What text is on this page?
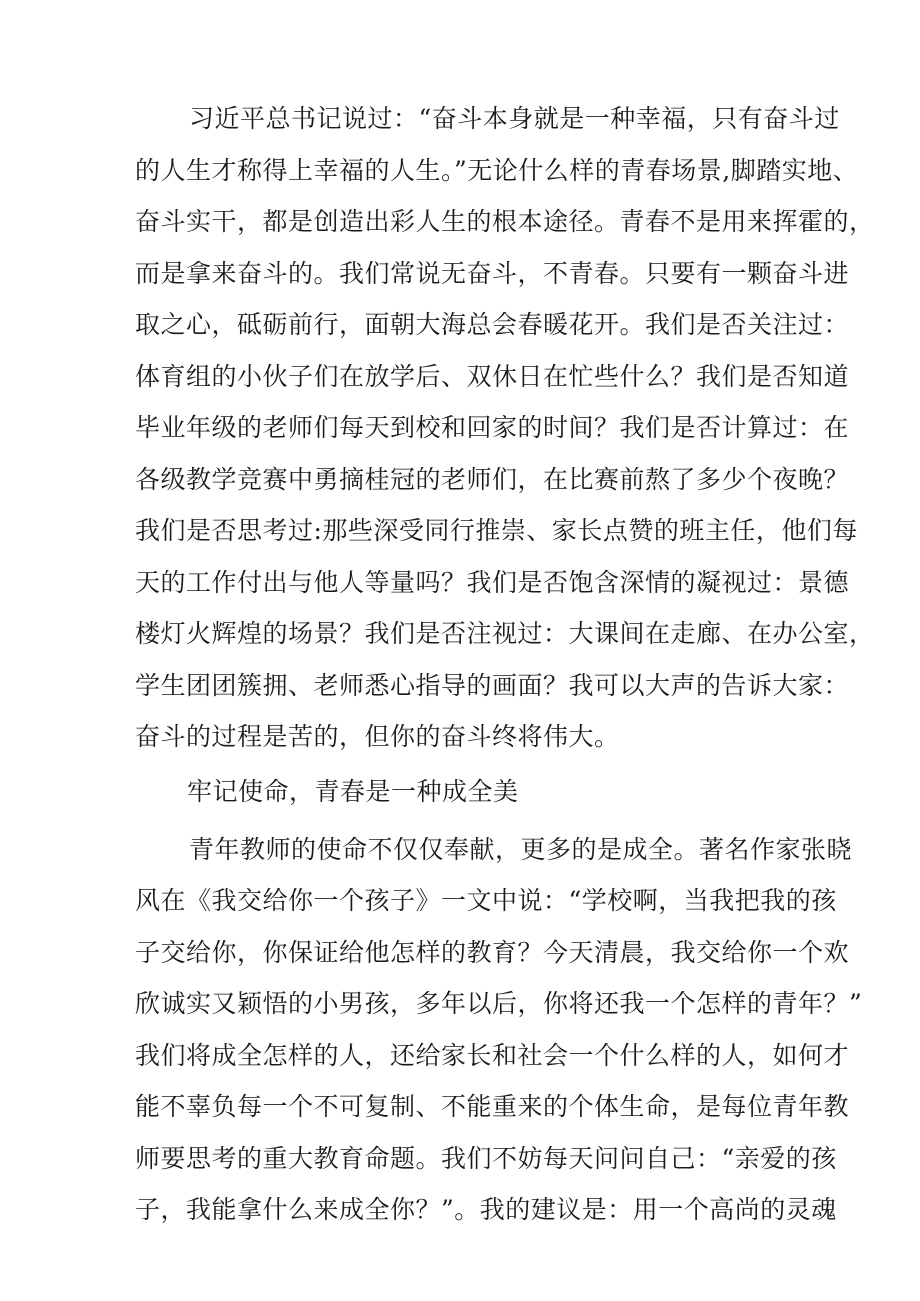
习近平总书记说过：“奋斗本身就是一种幸福，只有奋斗过
的人生才称得上幸福的人生。”无论什么样的青春场景,脚踏实地、
奋斗实干，都是创造出彩人生的根本途径。青春不是用来挥霍的，
而是拿来奋斗的。我们常说无奋斗，不青春。只要有一颗奋斗进
取之心，砥砺前行，面朝大海总会春暖花开。我们是否关注过：
体育组的小伙子们在放学后、双休日在忙些什么？我们是否知道
毕业年级的老师们每天到校和回家的时间？我们是否计算过：在
各级教学竞赛中勇摘桂冠的老师们，在比赛前熬了多少个夜晚？
我们是否思考过:那些深受同行推崇、家长点赞的班主任，他们每
天的工作付出与他人等量吗？我们是否饱含深情的凝视过：景德
楼灯火辉煌的场景？我们是否注视过：大课间在走廊、在办公室，
学生团团簇拥、老师悉心指导的画面？我可以大声的告诉大家：
奋斗的过程是苦的，但你的奋斗终将伟大。
牢记使命，青春是一种成全美
青年教师的使命不仅仅奉献，更多的是成全。著名作家张晓
风在《我交给你一个孩子》一文中说：“学校啊，当我把我的孩
子交给你，你保证给他怎样的教育？今天清晨，我交给你一个欢
欣诚实又颖悟的小男孩，多年以后，你将还我一个怎样的青年？”
我们将成全怎样的人，还给家长和社会一个什么样的人，如何才
能不辜负每一个不可复制、不能重来的个体生命，是每位青年教
师要思考的重大教育命题。我们不妨每天问问自己：“亲爱的孩
子，我能拿什么来成全你？”。我的建议是：用一个高尚的灵魂
